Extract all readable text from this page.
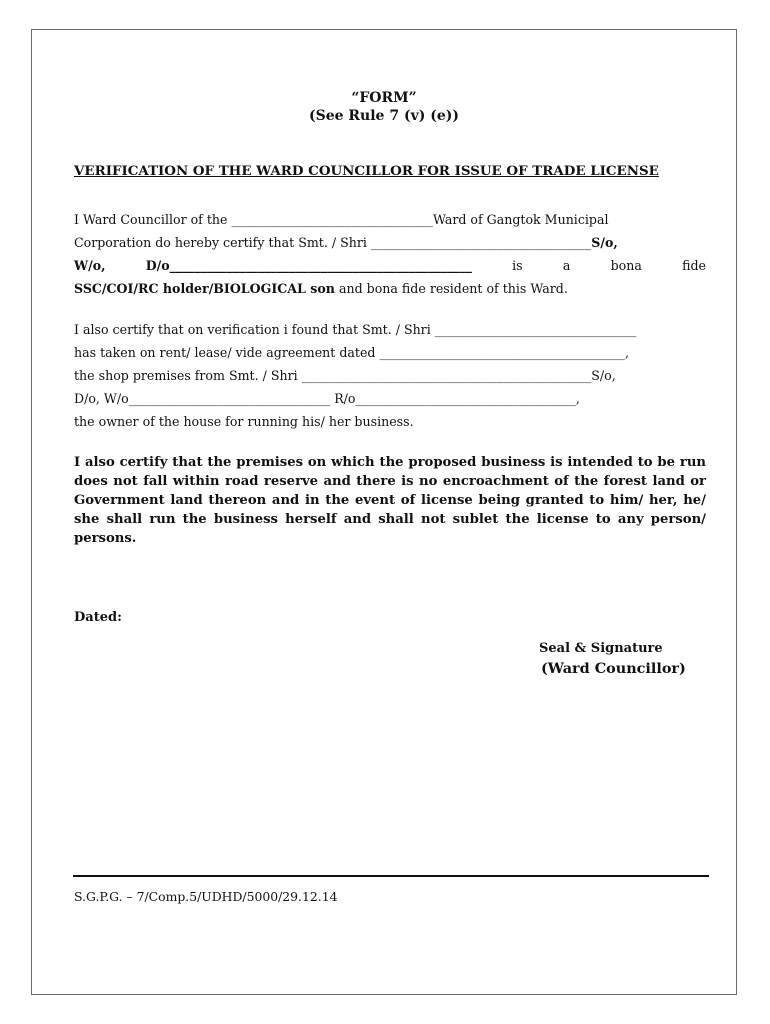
“FORM”
(See Rule 7 (v) (e))
VERIFICATION OF THE WARD COUNCILLOR FOR ISSUE OF TRADE LICENSE
I Ward Councillor of the ________________________________Ward of Gangtok Municipal
Corporation do hereby certify that Smt. / Shri ___________________________________S/o,
W/o,	D/o________________________________________________	is	a	bona	fide
SSC/COI/RC holder/BIOLOGICAL son and bona fide resident of this Ward.
I also certify that on verification i found that Smt. / Shri ________________________________
has taken on rent/ lease/ vide agreement dated _______________________________________,
the shop premises from Smt. / Shri ______________________________________________S/o,
D/o, W/o________________________________ R/o___________________________________,
the owner of the house for running his/ her business.
I also certify that the premises on which the proposed business is intended to be run
does not fall within road reserve and there is no encroachment of the forest land or
Government land thereon and in the event of license being granted to him/ her, he/
she shall run the business herself and shall not sublet the license to any person/
persons.
Dated:
Seal & Signature
(Ward Councillor)
S.G.P.G. – 7/Comp.5/UDHD/5000/29.12.14
